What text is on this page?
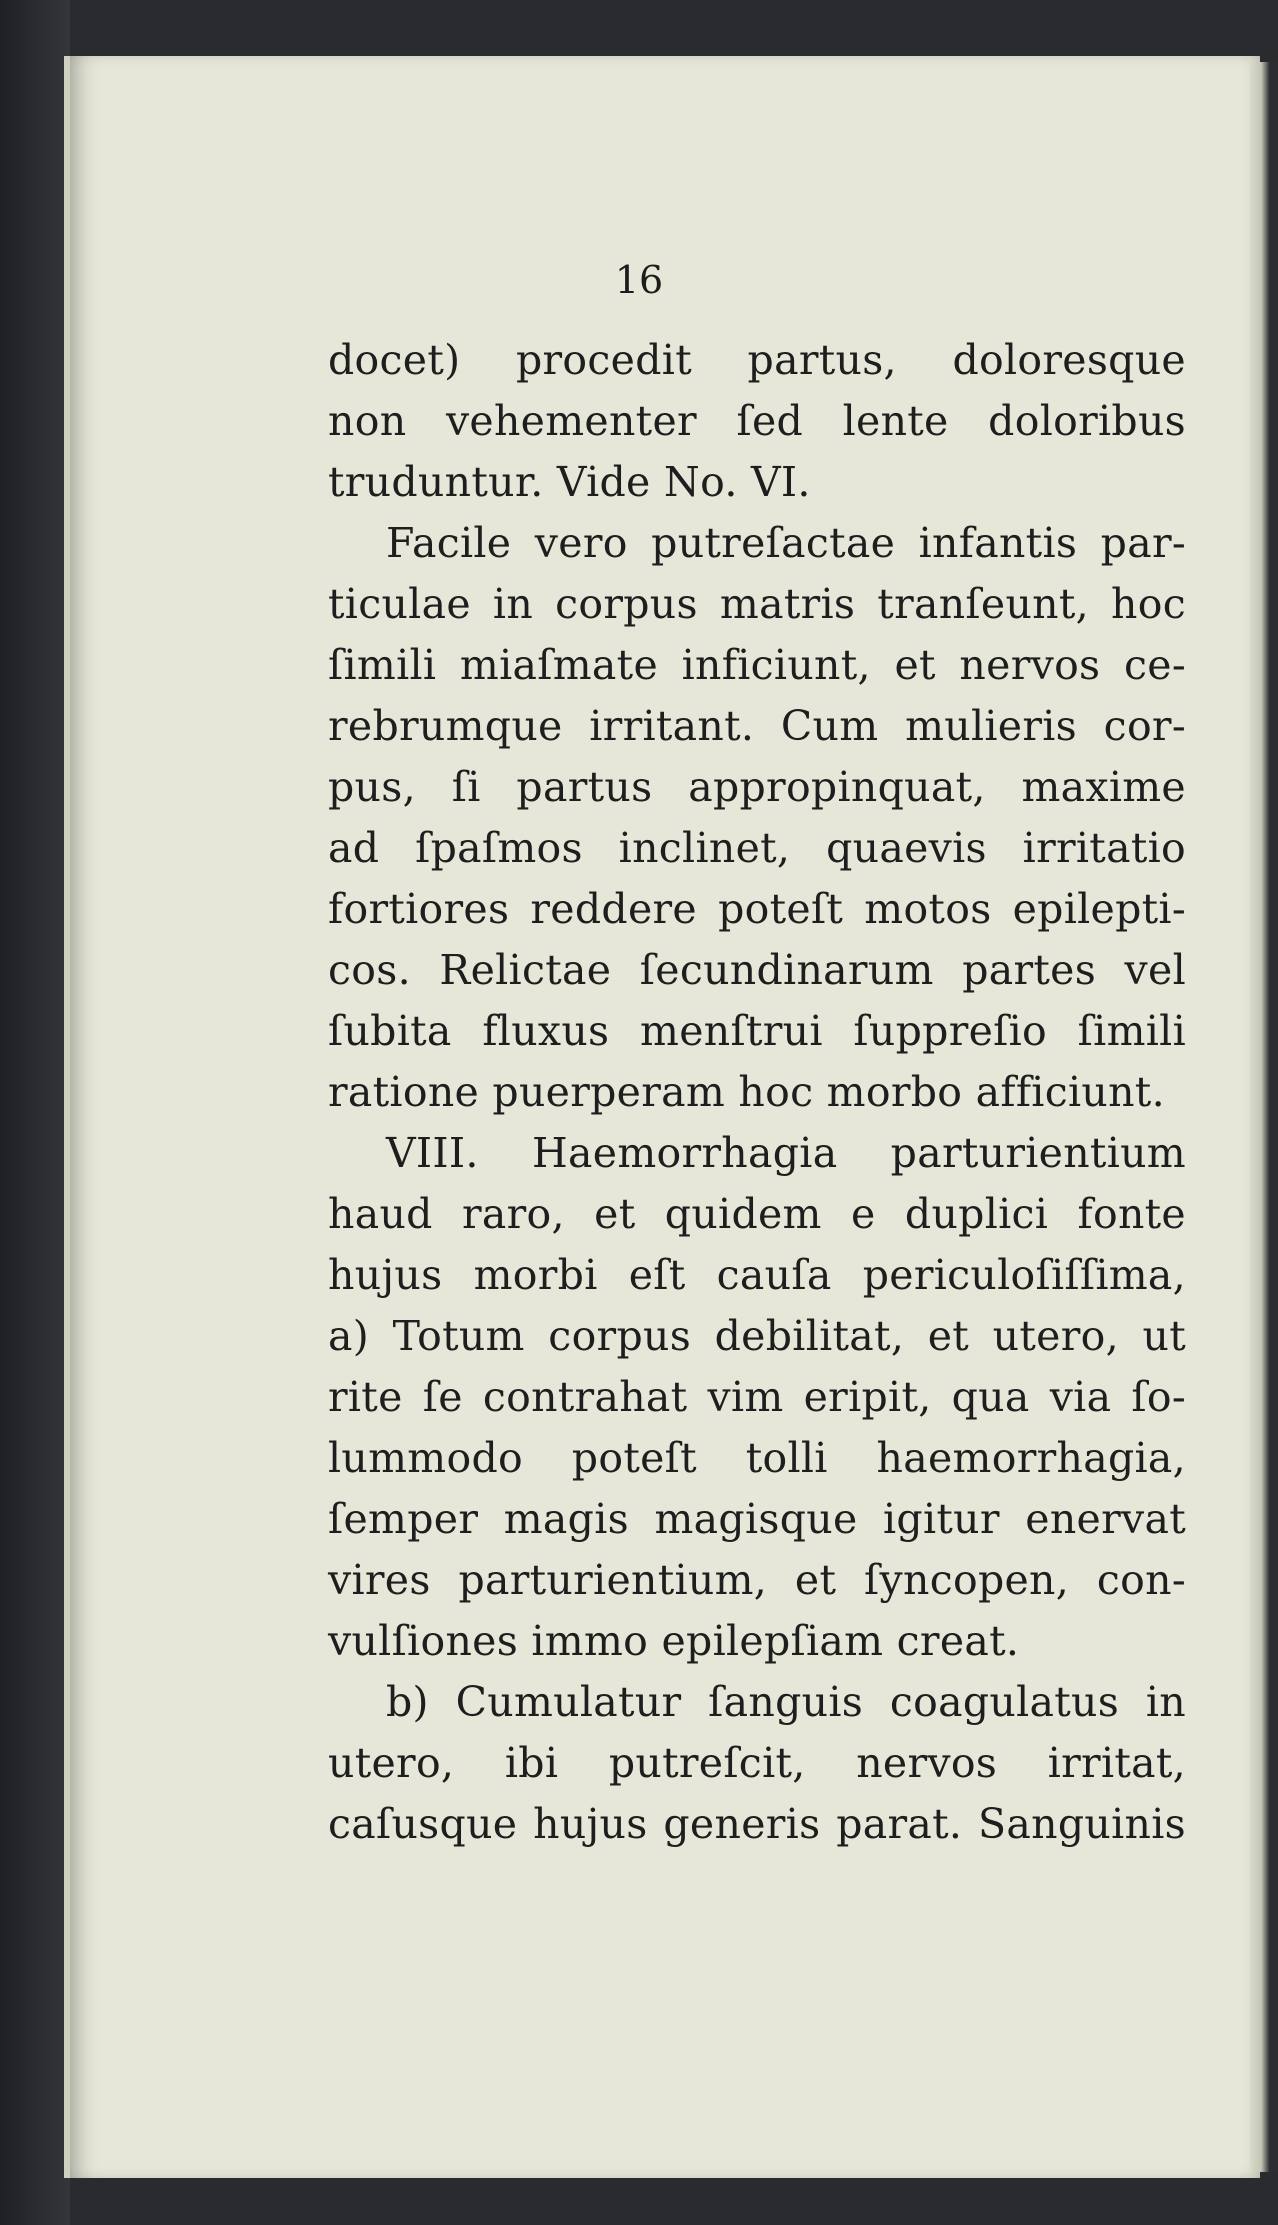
16
docet) procedit partus, doloresque
non vehementer ſed lente doloribus
truduntur. Vide No. VI.
Facile vero putreſactae infantis par-
ticulae in corpus matris tranſeunt, hoc
ſimili miaſmate inficiunt, et nervos ce-
rebrumque irritant. Cum mulieris cor-
pus, ſi partus appropinquat, maxime
ad ſpaſmos inclinet, quaevis irritatio
fortiores reddere poteſt motos epilepti-
cos. Relictae ſecundinarum partes vel
ſubita fluxus menſtrui ſuppreſio ſimili
ratione puerperam hoc morbo afficiunt.
VIII. Haemorrhagia parturientium
haud raro, et quidem e duplici fonte
hujus morbi eſt cauſa periculoſiſſima,
a) Totum corpus debilitat, et utero, ut
rite ſe contrahat vim eripit, qua via ſo-
lummodo poteſt tolli haemorrhagia,
ſemper magis magisque igitur enervat
vires parturientium, et ſyncopen, con-
vulſiones immo epilepſiam creat.
b) Cumulatur ſanguis coagulatus in
utero, ibi putreſcit, nervos irritat,
caſusque hujus generis parat. Sanguinis
